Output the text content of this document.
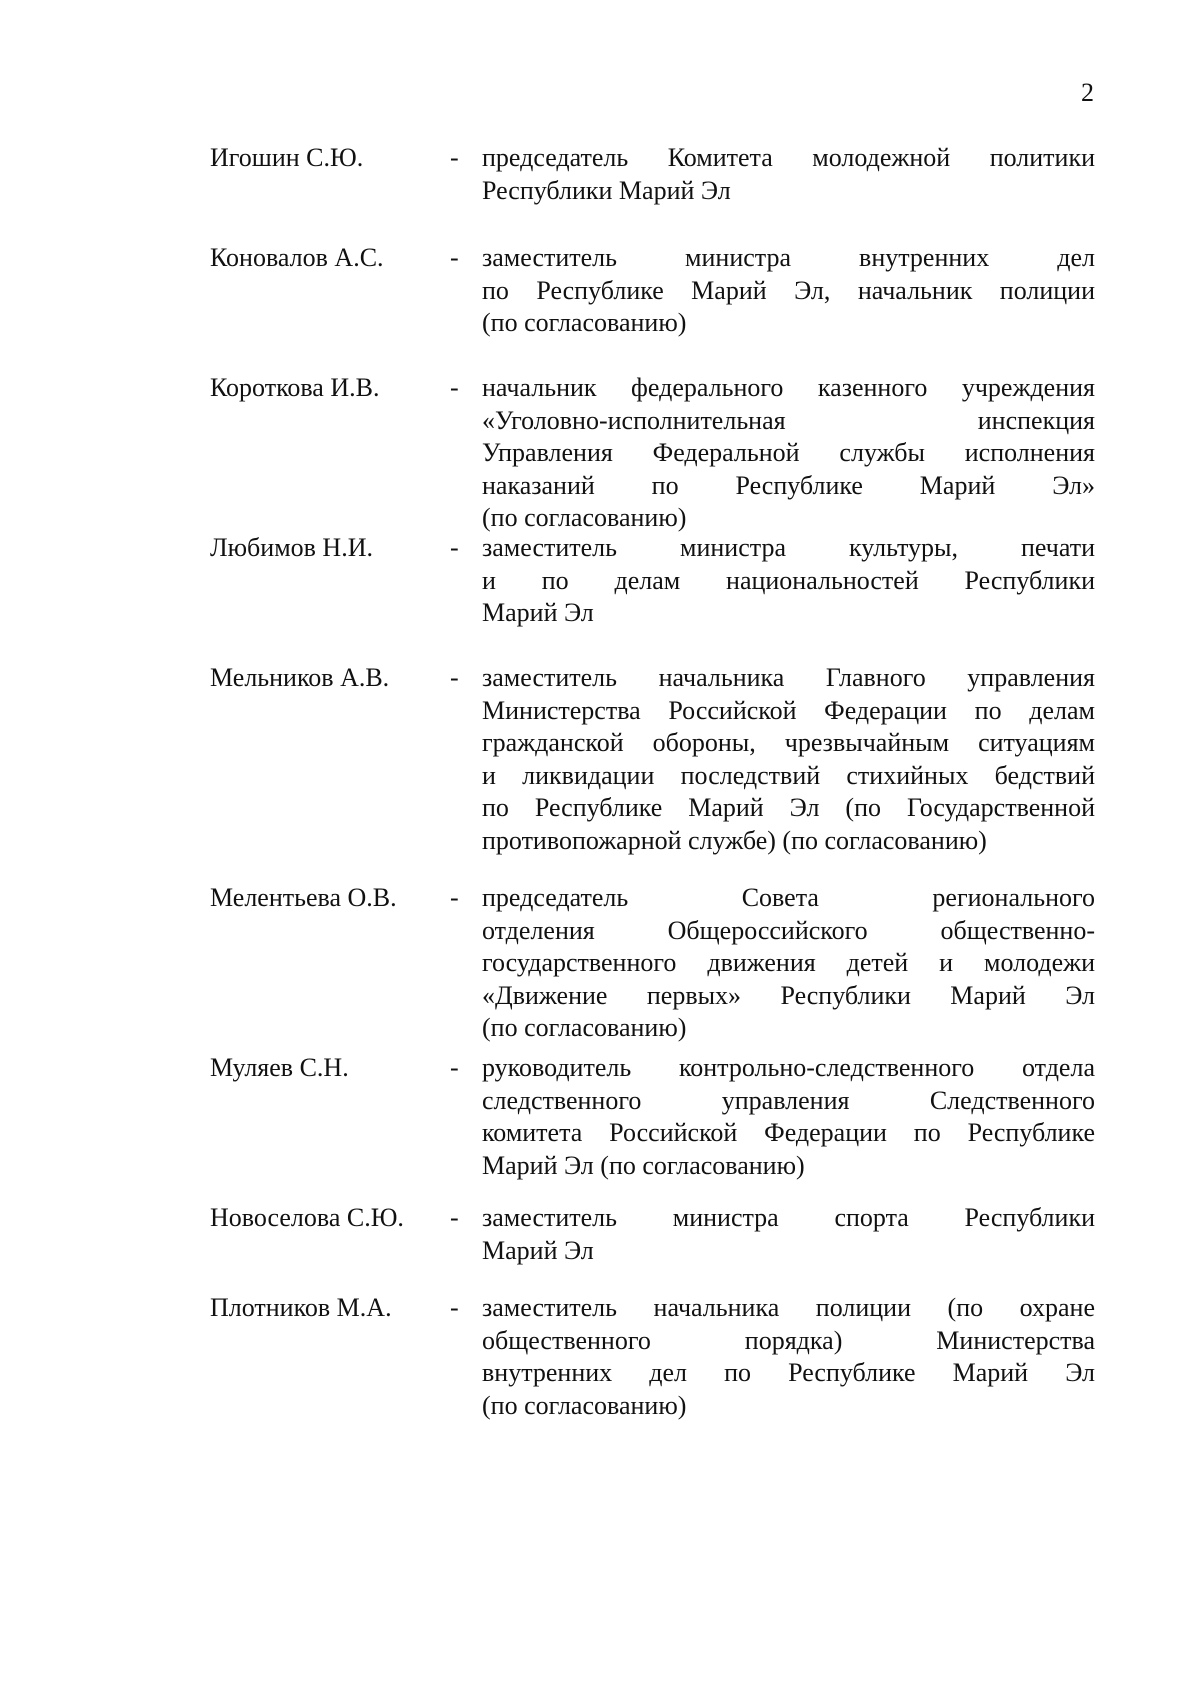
2
Игошин С.Ю.	- председатель Комитета молодежной политики
Республики Марий Эл
Коновалов А.С.	- заместитель министра внутренних дел
по Республике Марий Эл, начальник полиции
(по согласованию)
Короткова И.В.	- начальник федерального казенного учреждения
«Уголовно-исполнительная инспекция
Управления Федеральной службы исполнения
наказаний по Республике Марий Эл»
(по согласованию)
Любимов Н.И.	- заместитель министра культуры, печати
и по делам национальностей Республики
Марий Эл
Мельников А.В. - заместитель начальника Главного управления
Министерства Российской Федерации по делам
гражданской обороны, чрезвычайным ситуациям
и ликвидации последствий стихийных бедствий
по Республике Марий Эл (по Государственной
противопожарной службе) (по согласованию)
Мелентьева О.В. - председатель Совета регионального
отделения Общероссийского общественно-
государственного движения детей и молодежи
«Движение первых» Республики Марий Эл
(по согласованию)
Муляев С.Н.	- руководитель контрольно-следственного отдела
следственного управления Следственного
комитета Российской Федерации по Республике
Марий Эл (по согласованию)
Новоселова С.Ю. - заместитель министра спорта Республики
Марий Эл
Плотников М.А. - заместитель начальника полиции (по охране
общественного порядка) Министерства
внутренних дел по Республике Марий Эл
(по согласованию)
